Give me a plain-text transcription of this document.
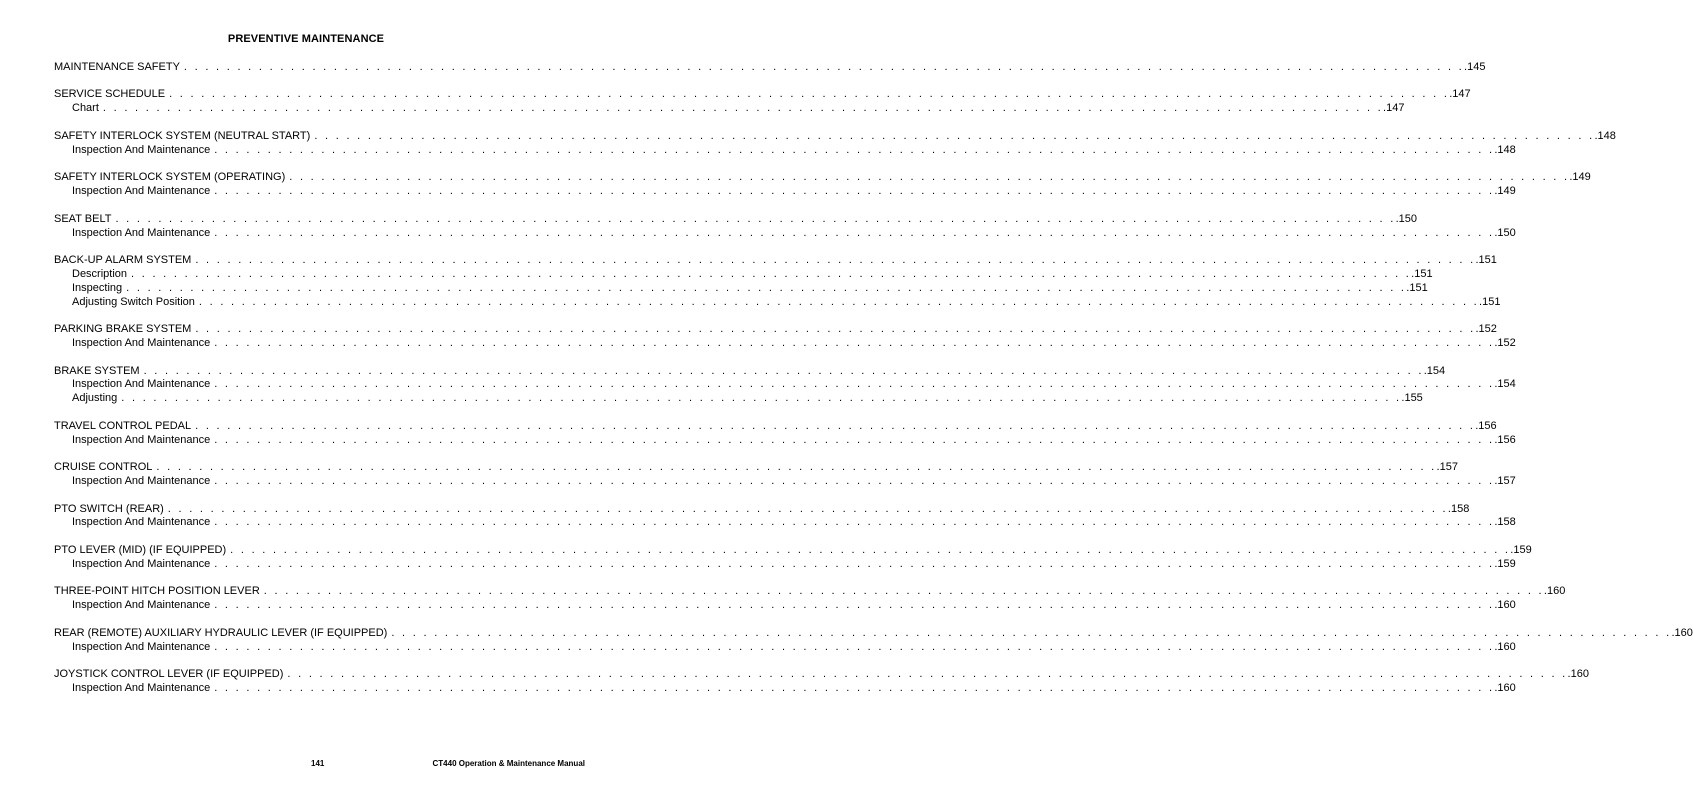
PREVENTIVE MAINTENANCE
MAINTENANCE SAFETY . . . . . . . . . . . . . . . . . . . . . . . . . . . . . . . . . . . . . . . . . . . . . . . . . . . . . . . . . . . . . . . . . . . . . . . . . . . . . . . . . . . . . . . . . . . . . . . . . . . . . . . . . . . . . . . . . . . . . . . . .145
SERVICE SCHEDULE . . . . . . . . . . . . . . . . . . . . . . . . . . . . . . . . . . . . . . . . . . . . . . . . . . . . . . . . . . . . . . . . . . . . . . . . . . . . . . . . . . . . . . . . . . . . . . . . . . . . . . . . . . . . . . . . . . . . . . . . .147
Chart . . . . . . . . . . . . . . . . . . . . . . . . . . . . . . . . . . . . . . . . . . . . . . . . . . . . . . . . . . . . . . . . . . . . . . . . . . . . . . . . . . . . . . . . . . . . . . . . . . . . . . . . . . . . . . . . . . . . . . . . .147
SAFETY INTERLOCK SYSTEM (NEUTRAL START) . . . . . . . . . . . . . . . . . . . . . . . . . . . . . . . . . . . . . . . . . . . . . . . . . . . . . . . . . . . . . . . . . . . . . . . . . . . . . . . . . . . . . . . . . . . . . . . . . . . . . . . . . . . . . . . . . . . . . . . . .148
Inspection And Maintenance . . . . . . . . . . . . . . . . . . . . . . . . . . . . . . . . . . . . . . . . . . . . . . . . . . . . . . . . . . . . . . . . . . . . . . . . . . . . . . . . . . . . . . . . . . . . . . . . . . . . . . . . . . . . . . . . . . . . . . . . .148
SAFETY INTERLOCK SYSTEM (OPERATING) . . . . . . . . . . . . . . . . . . . . . . . . . . . . . . . . . . . . . . . . . . . . . . . . . . . . . . . . . . . . . . . . . . . . . . . . . . . . . . . . . . . . . . . . . . . . . . . . . . . . . . . . . . . . . . . . . . . . . . . . .149
Inspection And Maintenance . . . . . . . . . . . . . . . . . . . . . . . . . . . . . . . . . . . . . . . . . . . . . . . . . . . . . . . . . . . . . . . . . . . . . . . . . . . . . . . . . . . . . . . . . . . . . . . . . . . . . . . . . . . . . . . . . . . . . . . . .149
SEAT BELT . . . . . . . . . . . . . . . . . . . . . . . . . . . . . . . . . . . . . . . . . . . . . . . . . . . . . . . . . . . . . . . . . . . . . . . . . . . . . . . . . . . . . . . . . . . . . . . . . . . . . . . . . . . . . . . . . . . . . . . . .150
Inspection And Maintenance . . . . . . . . . . . . . . . . . . . . . . . . . . . . . . . . . . . . . . . . . . . . . . . . . . . . . . . . . . . . . . . . . . . . . . . . . . . . . . . . . . . . . . . . . . . . . . . . . . . . . . . . . . . . . . . . . . . . . . . . .150
BACK-UP ALARM SYSTEM . . . . . . . . . . . . . . . . . . . . . . . . . . . . . . . . . . . . . . . . . . . . . . . . . . . . . . . . . . . . . . . . . . . . . . . . . . . . . . . . . . . . . . . . . . . . . . . . . . . . . . . . . . . . . . . . . . . . . . . . .151
Description . . . . . . . . . . . . . . . . . . . . . . . . . . . . . . . . . . . . . . . . . . . . . . . . . . . . . . . . . . . . . . . . . . . . . . . . . . . . . . . . . . . . . . . . . . . . . . . . . . . . . . . . . . . . . . . . . . . . . . . . .151
Inspecting . . . . . . . . . . . . . . . . . . . . . . . . . . . . . . . . . . . . . . . . . . . . . . . . . . . . . . . . . . . . . . . . . . . . . . . . . . . . . . . . . . . . . . . . . . . . . . . . . . . . . . . . . . . . . . . . . . . . . . . . .151
Adjusting Switch Position . . . . . . . . . . . . . . . . . . . . . . . . . . . . . . . . . . . . . . . . . . . . . . . . . . . . . . . . . . . . . . . . . . . . . . . . . . . . . . . . . . . . . . . . . . . . . . . . . . . . . . . . . . . . . . . . . . . . . . . . .151
PARKING BRAKE SYSTEM . . . . . . . . . . . . . . . . . . . . . . . . . . . . . . . . . . . . . . . . . . . . . . . . . . . . . . . . . . . . . . . . . . . . . . . . . . . . . . . . . . . . . . . . . . . . . . . . . . . . . . . . . . . . . . . . . . . . . . . . .152
Inspection And Maintenance . . . . . . . . . . . . . . . . . . . . . . . . . . . . . . . . . . . . . . . . . . . . . . . . . . . . . . . . . . . . . . . . . . . . . . . . . . . . . . . . . . . . . . . . . . . . . . . . . . . . . . . . . . . . . . . . . . . . . . . . .152
BRAKE SYSTEM . . . . . . . . . . . . . . . . . . . . . . . . . . . . . . . . . . . . . . . . . . . . . . . . . . . . . . . . . . . . . . . . . . . . . . . . . . . . . . . . . . . . . . . . . . . . . . . . . . . . . . . . . . . . . . . . . . . . . . . . .154
Inspection And Maintenance . . . . . . . . . . . . . . . . . . . . . . . . . . . . . . . . . . . . . . . . . . . . . . . . . . . . . . . . . . . . . . . . . . . . . . . . . . . . . . . . . . . . . . . . . . . . . . . . . . . . . . . . . . . . . . . . . . . . . . . . .154
Adjusting . . . . . . . . . . . . . . . . . . . . . . . . . . . . . . . . . . . . . . . . . . . . . . . . . . . . . . . . . . . . . . . . . . . . . . . . . . . . . . . . . . . . . . . . . . . . . . . . . . . . . . . . . . . . . . . . . . . . . . . . .155
TRAVEL CONTROL PEDAL . . . . . . . . . . . . . . . . . . . . . . . . . . . . . . . . . . . . . . . . . . . . . . . . . . . . . . . . . . . . . . . . . . . . . . . . . . . . . . . . . . . . . . . . . . . . . . . . . . . . . . . . . . . . . . . . . . . . . . . . .156
Inspection And Maintenance . . . . . . . . . . . . . . . . . . . . . . . . . . . . . . . . . . . . . . . . . . . . . . . . . . . . . . . . . . . . . . . . . . . . . . . . . . . . . . . . . . . . . . . . . . . . . . . . . . . . . . . . . . . . . . . . . . . . . . . . .156
CRUISE CONTROL . . . . . . . . . . . . . . . . . . . . . . . . . . . . . . . . . . . . . . . . . . . . . . . . . . . . . . . . . . . . . . . . . . . . . . . . . . . . . . . . . . . . . . . . . . . . . . . . . . . . . . . . . . . . . . . . . . . . . . . . .157
Inspection And Maintenance . . . . . . . . . . . . . . . . . . . . . . . . . . . . . . . . . . . . . . . . . . . . . . . . . . . . . . . . . . . . . . . . . . . . . . . . . . . . . . . . . . . . . . . . . . . . . . . . . . . . . . . . . . . . . . . . . . . . . . . . .157
PTO SWITCH (REAR) . . . . . . . . . . . . . . . . . . . . . . . . . . . . . . . . . . . . . . . . . . . . . . . . . . . . . . . . . . . . . . . . . . . . . . . . . . . . . . . . . . . . . . . . . . . . . . . . . . . . . . . . . . . . . . . . . . . . . . . . .158
Inspection And Maintenance . . . . . . . . . . . . . . . . . . . . . . . . . . . . . . . . . . . . . . . . . . . . . . . . . . . . . . . . . . . . . . . . . . . . . . . . . . . . . . . . . . . . . . . . . . . . . . . . . . . . . . . . . . . . . . . . . . . . . . . . .158
PTO LEVER (MID) (IF EQUIPPED) . . . . . . . . . . . . . . . . . . . . . . . . . . . . . . . . . . . . . . . . . . . . . . . . . . . . . . . . . . . . . . . . . . . . . . . . . . . . . . . . . . . . . . . . . . . . . . . . . . . . . . . . . . . . . . . . . . . . . . . . .159
Inspection And Maintenance . . . . . . . . . . . . . . . . . . . . . . . . . . . . . . . . . . . . . . . . . . . . . . . . . . . . . . . . . . . . . . . . . . . . . . . . . . . . . . . . . . . . . . . . . . . . . . . . . . . . . . . . . . . . . . . . . . . . . . . . .159
THREE-POINT HITCH POSITION LEVER . . . . . . . . . . . . . . . . . . . . . . . . . . . . . . . . . . . . . . . . . . . . . . . . . . . . . . . . . . . . . . . . . . . . . . . . . . . . . . . . . . . . . . . . . . . . . . . . . . . . . . . . . . . . . . . . . . . . . . . . .160
Inspection And Maintenance . . . . . . . . . . . . . . . . . . . . . . . . . . . . . . . . . . . . . . . . . . . . . . . . . . . . . . . . . . . . . . . . . . . . . . . . . . . . . . . . . . . . . . . . . . . . . . . . . . . . . . . . . . . . . . . . . . . . . . . . .160
REAR (REMOTE) AUXILIARY HYDRAULIC LEVER (IF EQUIPPED) . . . . . . . . . . . . . . . . . . . . . . . . . . . . . . . . . . . . . . . . . . . . . . . . . . . . . . . . . . . . . . . . . . . . . . . . . . . . . . . . . . . . . . . . . . . . . . . . . . . . . . . . . . . . . . . . . . . . . . . . .160
Inspection And Maintenance . . . . . . . . . . . . . . . . . . . . . . . . . . . . . . . . . . . . . . . . . . . . . . . . . . . . . . . . . . . . . . . . . . . . . . . . . . . . . . . . . . . . . . . . . . . . . . . . . . . . . . . . . . . . . . . . . . . . . . . . .160
JOYSTICK CONTROL LEVER (IF EQUIPPED) . . . . . . . . . . . . . . . . . . . . . . . . . . . . . . . . . . . . . . . . . . . . . . . . . . . . . . . . . . . . . . . . . . . . . . . . . . . . . . . . . . . . . . . . . . . . . . . . . . . . . . . . . . . . . . . . . . . . . . . . .160
Inspection And Maintenance . . . . . . . . . . . . . . . . . . . . . . . . . . . . . . . . . . . . . . . . . . . . . . . . . . . . . . . . . . . . . . . . . . . . . . . . . . . . . . . . . . . . . . . . . . . . . . . . . . . . . . . . . . . . . . . . . . . . . . . . .160
141	CT440 Operation & Maintenance Manual
